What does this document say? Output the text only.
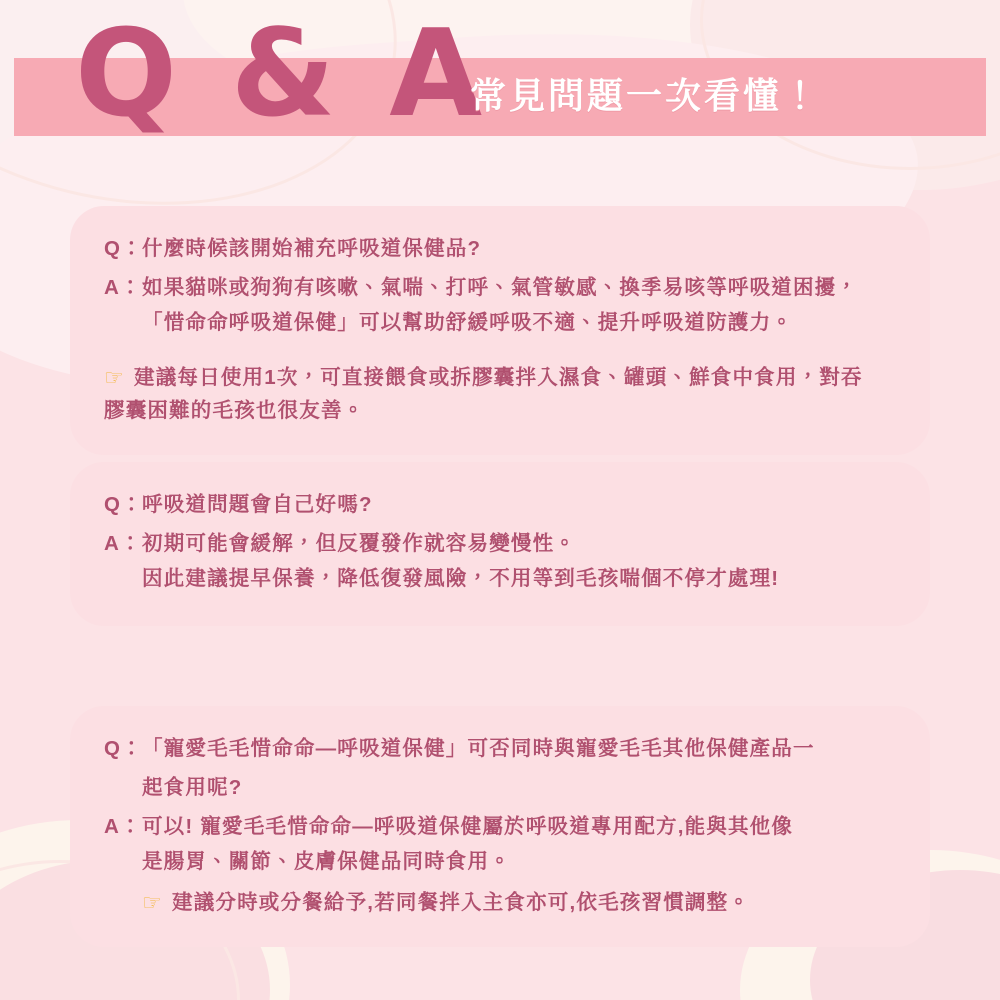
Q & A
常見問題一次看懂！
Q： 什麼時候該開始補充呼吸道保健品?
A： 如果貓咪或狗狗有咳嗽、氣喘、打呼、氣管敏感、換季易咳等呼吸道困擾，
「惜命命呼吸道保健」可以幫助舒緩呼吸不適、提升呼吸道防護力。
☞ 建議每日使用1次，可直接餵食或拆膠囊拌入濕食、罐頭、鮮食中食用，對吞
膠囊困難的毛孩也很友善。
Q： 呼吸道問題會自己好嗎?
A： 初期可能會緩解，但反覆發作就容易變慢性。
因此建議提早保養，降低復發風險，不用等到毛孩喘個不停才處理!
Q： 「寵愛毛毛惜命命—呼吸道保健」可否同時與寵愛毛毛其他保健產品一
起食用呢?
A： 可以! 寵愛毛毛惜命命—呼吸道保健屬於呼吸道專用配方,能與其他像
是腸胃、關節、皮膚保健品同時食用。
☞ 建議分時或分餐給予,若同餐拌入主食亦可,依毛孩習慣調整。
